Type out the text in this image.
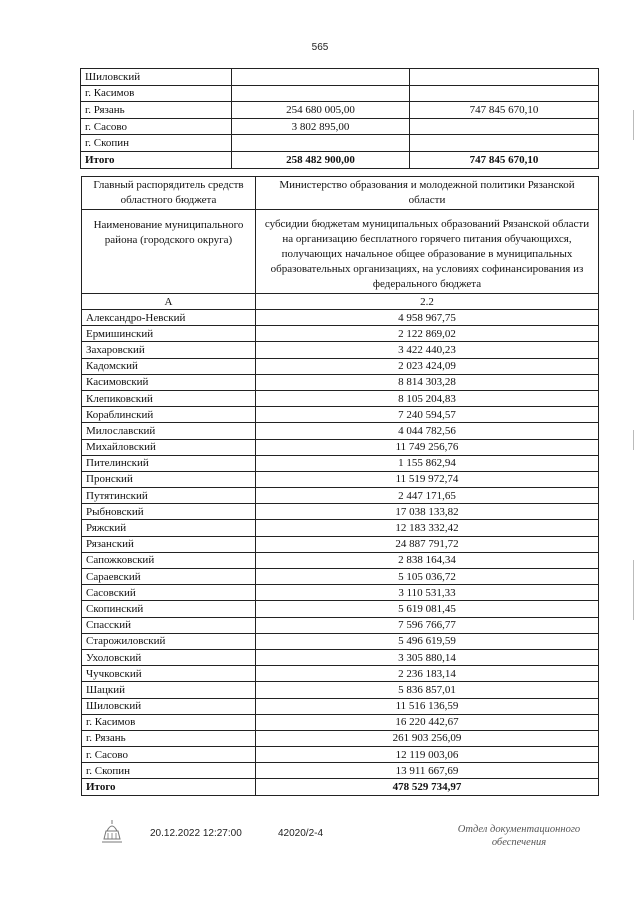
565
Шиловский		
г. Касимов		
г. Рязань	254 680 005,00	747 845 670,10
г. Сасово	3 802 895,00	
г. Скопин		
Итого	258 482 900,00	747 845 670,10
Главный распорядитель средств областного бюджета	Министерство образования и молодежной политики Рязанской области
Наименование муниципального района (городского округа)	субсидии бюджетам муниципальных образований Рязанской области на организацию бесплатного горячего питания обучающихся, получающих начальное общее образование в муниципальных образовательных организациях, на условиях софинансирования из федерального бюджета
А	2.2
Александро-Невский	4 958 967,75
Ермишинский	2 122 869,02
Захаровский	3 422 440,23
Кадомский	2 023 424,09
Касимовский	8 814 303,28
Клепиковский	8 105 204,83
Кораблинский	7 240 594,57
Милославский	4 044 782,56
Михайловский	11 749 256,76
Пителинский	1 155 862,94
Пронский	11 519 972,74
Путятинский	2 447 171,65
Рыбновский	17 038 133,82
Ряжский	12 183 332,42
Рязанский	24 887 791,72
Сапожковский	2 838 164,34
Сараевский	5 105 036,72
Сасовский	3 110 531,33
Скопинский	5 619 081,45
Спасский	7 596 766,77
Старожиловский	5 496 619,59
Ухоловский	3 305 880,14
Чучковский	2 236 183,14
Шацкий	5 836 857,01
Шиловский	11 516 136,59
г. Касимов	16 220 442,67
г. Рязань	261 903 256,09
г. Сасово	12 119 003,06
г. Скопин	13 911 667,69
Итого	478 529 734,97
20.12.2022 12:27:00	42020/2-4	Отдел документационного
обеспечения
